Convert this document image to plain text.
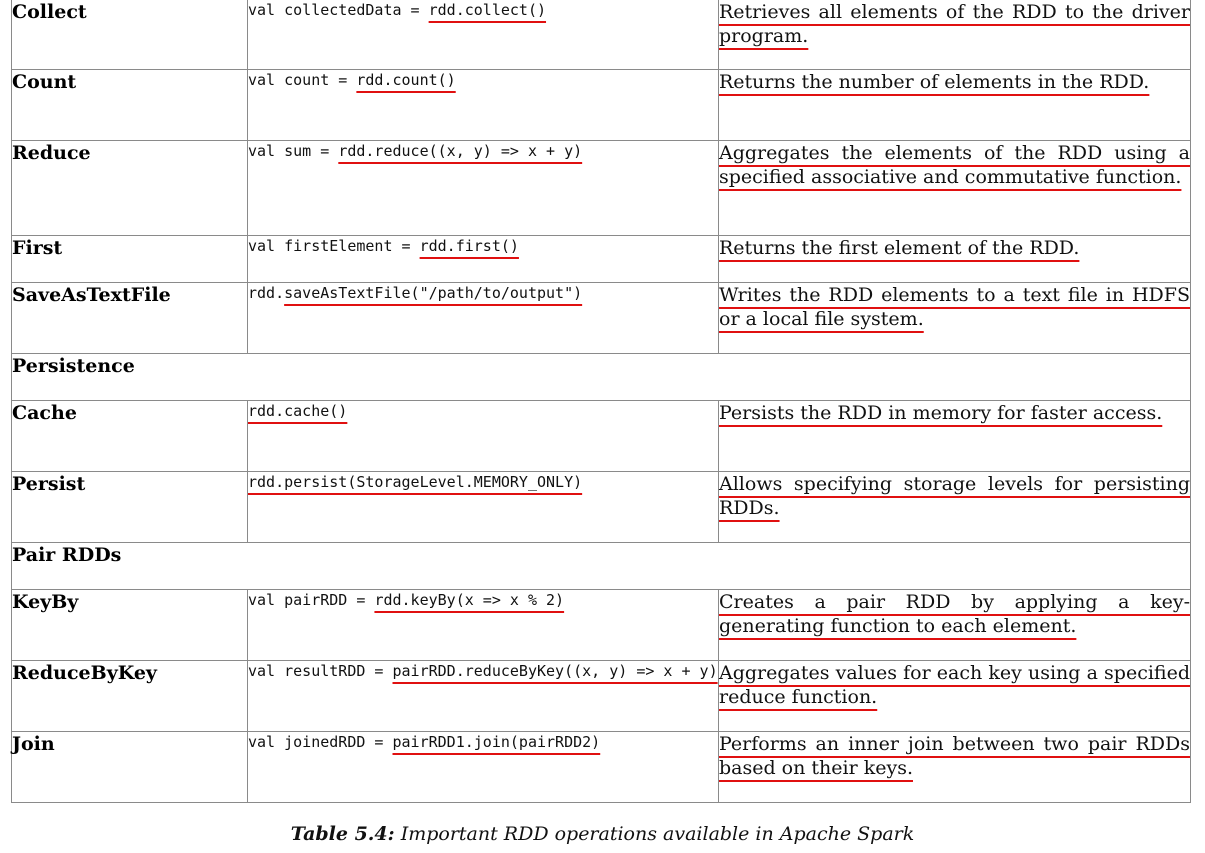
Collect	val collectedData = rdd.collect()	Retrieves all elements of the RDD to the driver program.
Count	val count = rdd.count()	Returns the number of elements in the RDD.
Reduce	val sum = rdd.reduce((x, y) => x + y)	Aggregates the elements of the RDD using a specified associative and commutative function.
First	val firstElement = rdd.first()	Returns the first element of the RDD.
SaveAsTextFile	rdd.saveAsTextFile("/path/to/output")	Writes the RDD elements to a text file in HDFS or a local file system.
Persistence		
Cache	rdd.cache()	Persists the RDD in memory for faster access.
Persist	rdd.persist(StorageLevel.MEMORY_ONLY)	Allows specifying storage levels for persisting RDDs.
Pair RDDs		
KeyBy	val pairRDD = rdd.keyBy(x => x % 2)	Creates a pair RDD by applying a key-generating function to each element.
ReduceByKey	val resultRDD = pairRDD.reduceByKey((x, y) => x + y)	Aggregates values for each key using a specified reduce function.
Join	val joinedRDD = pairRDD1.join(pairRDD2)	Performs an inner join between two pair RDDs based on their keys.
Table 5.4: Important RDD operations available in Apache Spark
